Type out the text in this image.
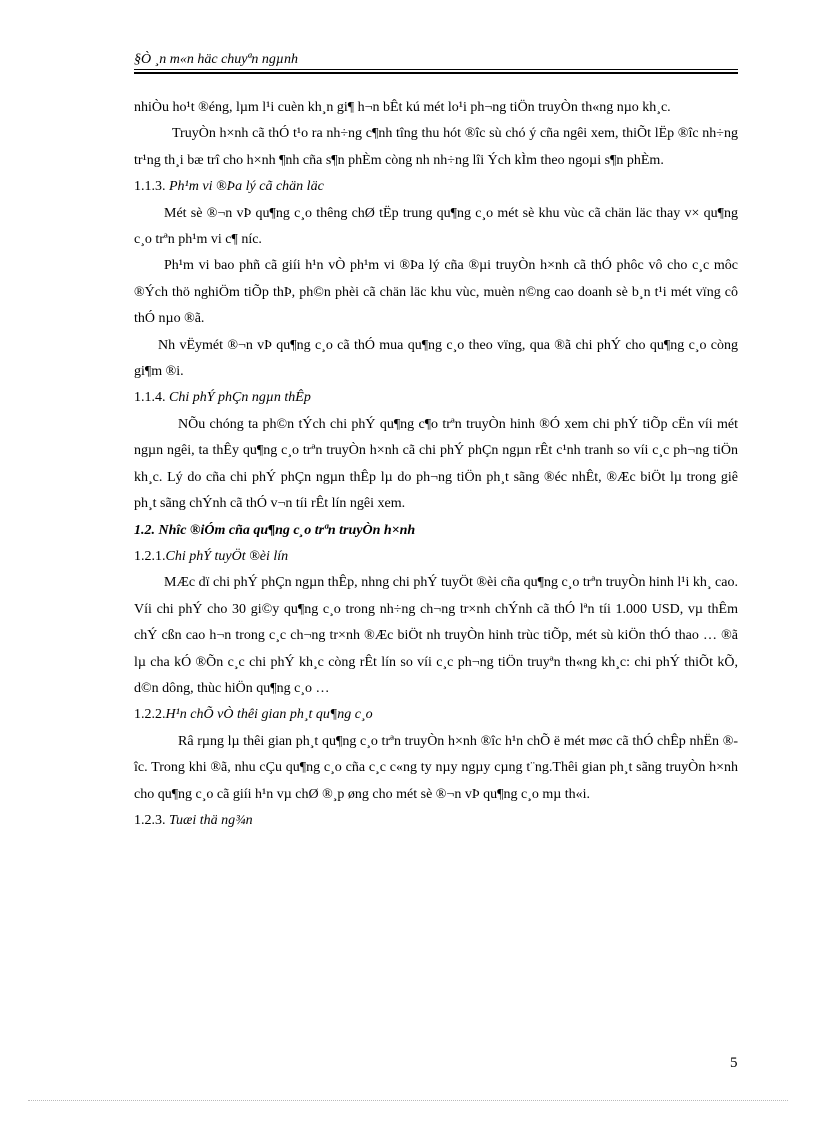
§Ò ¸n m«n häc chuyªn ngµnh

nhiÒu ho¹t ®éng, lµm l¹i cuèn kh¸n gi¶ h¬n bÊt kú mét lo¹i ph¬ng tiÖn truyÒn th«ng nµo kh¸c.

TruyÒn h×nh cã thÓ t¹o ra nh÷ng c¶nh tîng thu hót ®îc sù chó ý cña ngêi xem, thiÕt lËp ®îc nh÷ng tr¹ng th¸i bæ trî cho h×nh ¶nh cña s¶n phÈm còng nh nh÷ng lîi Ých kÌm theo ngoµi s¶n phÈm.

1.1.3. Ph¹m vi ®Þa lý cã chän läc

Mét sè ®¬n vÞ qu¶ng c¸o thêng chØ tËp trung qu¶ng c¸o mét sè khu vùc cã chän läc thay v× qu¶ng c¸o trªn ph¹m vi c¶ níc.

Ph¹m vi bao phñ cã giíi h¹n vÒ ph¹m vi ®Þa lý cña ®µi truyÒn h×nh cã thÓ phôc vô cho c¸c môc ®Ých thö nghiÖm tiÕp thÞ, ph©n phèi cã chän läc khu vùc, muèn n©ng cao doanh sè b¸n t¹i mét vïng cô thÓ nµo ®ã.

Nh vËymét ®¬n vÞ qu¶ng c¸o cã thÓ mua qu¶ng c¸o theo vïng, qua ®ã chi phÝ cho qu¶ng c¸o còng gi¶m ®i.

1.1.4. Chi phÝ phÇn ngµn thÊp

NÕu chóng ta ph©n tÝch chi phÝ qu¶ng c¶o trªn truyÒn hinh ®Ó xem chi phÝ tiÕp cËn víi mét ngµn ngêi, ta thÊy qu¶ng c¸o trªn truyÒn h×nh cã chi phÝ phÇn ngµn rÊt c¹nh tranh so víi c¸c ph¬ng tiÖn kh¸c. Lý do cña chi phÝ phÇn ngµn thÊp lµ do ph¬ng tiÖn ph¸t sãng ®éc nhÊt, ®Æc biÖt lµ trong giê ph¸t sãng chÝnh cã thÓ v¬n tíi rÊt lín ngêi xem.

1.2. Nhîc ®iÓm cña qu¶ng c¸o trªn truyÒn h×nh

1.2.1.Chi phÝ tuyÖt ®èi lín

MÆc dï chi phÝ phÇn ngµn thÊp, nhng chi phÝ tuyÖt ®èi cña qu¶ng c¸o trªn truyÒn hinh l¹i kh¸ cao. Víi chi phÝ cho 30 gi©y qu¶ng c¸o trong nh÷ng ch¬ng tr×nh chÝnh cã thÓ lªn tíi 1.000 USD, vµ thÊm chÝ cßn cao h¬n trong c¸c ch¬ng tr×nh ®Æc biÖt nh truyÒn hinh trùc tiÕp, mét sù kiÖn thÓ thao … ®ã lµ cha kÓ ®Õn c¸c chi phÝ kh¸c còng rÊt lín so víi c¸c ph¬ng tiÖn truyªn th«ng kh¸c: chi phÝ thiÕt kÕ, d©n dông, thùc hiÖn qu¶ng c¸o …

1.2.2.H¹n chÕ vÒ thêi gian ph¸t qu¶ng c¸o

Râ rµng lµ thêi gian ph¸t qu¶ng c¸o trªn truyÒn h×nh ®îc h¹n chÕ ë mét møc cã thÓ chÊp nhËn ®îc. Trong khi ®ã, nhu cÇu qu¶ng c¸o cña c¸c c«ng ty nµy ngµy cµng t¨ng.Thêi gian ph¸t sãng truyÒn h×nh cho qu¶ng c¸o cã giíi h¹n vµ chØ ®¸p øng cho mét sè ®¬n vÞ qu¶ng c¸o mµ th«i.

1.2.3. Tuæi thä ng¾n

5
